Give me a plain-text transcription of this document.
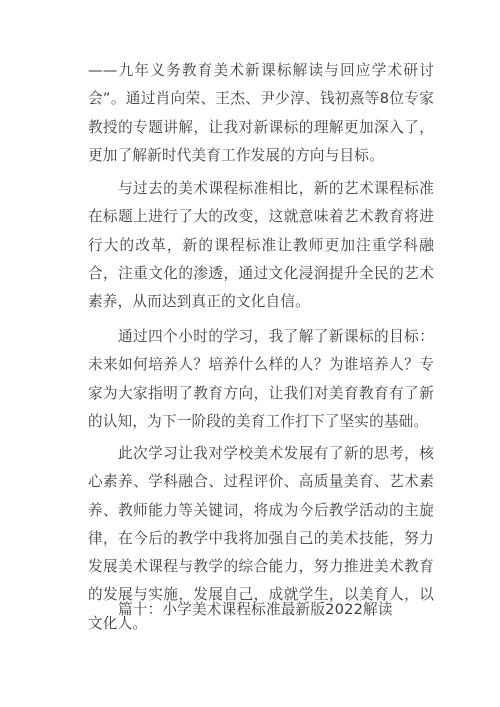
——九年义务教育美术新课标解读与回应学术研讨会”。通过肖向荣、王杰、尹少淳、钱初熹等8位专家教授的专题讲解，让我对新课标的理解更加深入了，更加了解新时代美育工作发展的方向与目标。

与过去的美术课程标准相比，新的艺术课程标准在标题上进行了大的改变，这就意味着艺术教育将进行大的改革，新的课程标准让教师更加注重学科融合，注重文化的渗透，通过文化浸润提升全民的艺术素养，从而达到真正的文化自信。

通过四个小时的学习，我了解了新课标的目标：未来如何培养人？培养什么样的人？为谁培养人？专家为大家指明了教育方向，让我们对美育教育有了新的认知，为下一阶段的美育工作打下了坚实的基础。

此次学习让我对学校美术发展有了新的思考，核心素养、学科融合、过程评价、高质量美育、艺术素养、教师能力等关键词，将成为今后教学活动的主旋律，在今后的教学中我将加强自己的美术技能，努力发展美术课程与教学的综合能力，努力推进美术教育的发展与实施，发展自己，成就学生，以美育人，以文化人。

篇十：小学美术课程标准最新版2022解读
